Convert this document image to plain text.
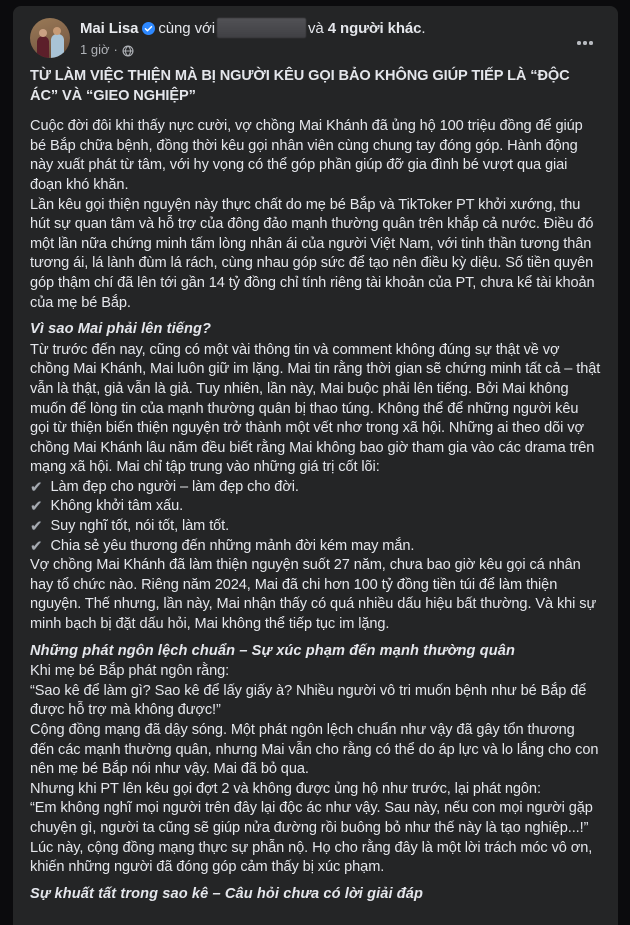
Mai Lisa cùng với	và 4 người khác.
1 giờ ·
TỪ LÀM VIỆC THIỆN MÀ BỊ NGƯỜI KÊU GỌI BẢO KHÔNG GIÚP TIẾP LÀ “ĐỘC ÁC” VÀ “GIEO NGHIỆP”
Cuộc đời đôi khi thấy nực cười, vợ chồng Mai Khánh đã ủng hộ 100 triệu đồng để giúp bé Bắp chữa bệnh, đồng thời kêu gọi nhân viên cùng chung tay đóng góp. Hành động này xuất phát từ tâm, với hy vọng có thể góp phần giúp đỡ gia đình bé vượt qua giai đoạn khó khăn.
Lần kêu gọi thiện nguyện này thực chất do mẹ bé Bắp và TikToker PT khởi xướng, thu hút sự quan tâm và hỗ trợ của đông đảo mạnh thường quân trên khắp cả nước. Điều đó một lần nữa chứng minh tấm lòng nhân ái của người Việt Nam, với tinh thần tương thân tương ái, lá lành đùm lá rách, cùng nhau góp sức để tạo nên điều kỳ diệu. Số tiền quyên góp thậm chí đã lên tới gần 14 tỷ đồng chỉ tính riêng tài khoản của PT, chưa kể tài khoản của mẹ bé Bắp.
Vì sao Mai phải lên tiếng?
Từ trước đến nay, cũng có một vài thông tin và comment không đúng sự thật về vợ chồng Mai Khánh, Mai luôn giữ im lặng. Mai tin rằng thời gian sẽ chứng minh tất cả – thật vẫn là thật, giả vẫn là giả. Tuy nhiên, lần này, Mai buộc phải lên tiếng. Bởi Mai không muốn để lòng tin của mạnh thường quân bị thao túng. Không thể để những người kêu gọi từ thiện biến thiện nguyện trở thành một vết nhơ trong xã hội. Những ai theo dõi vợ chồng Mai Khánh lâu năm đều biết rằng Mai không bao giờ tham gia vào các drama trên mạng xã hội. Mai chỉ tập trung vào những giá trị cốt lõi:
✔ Làm đẹp cho người – làm đẹp cho đời.
✔ Không khởi tâm xấu.
✔ Suy nghĩ tốt, nói tốt, làm tốt.
✔ Chia sẻ yêu thương đến những mảnh đời kém may mắn.
Vợ chồng Mai Khánh đã làm thiện nguyện suốt 27 năm, chưa bao giờ kêu gọi cá nhân hay tổ chức nào. Riêng năm 2024, Mai đã chi hơn 100 tỷ đồng tiền túi để làm thiện nguyện. Thế nhưng, lần này, Mai nhận thấy có quá nhiều dấu hiệu bất thường. Và khi sự minh bạch bị đặt dấu hỏi, Mai không thể tiếp tục im lặng.
Những phát ngôn lệch chuẩn – Sự xúc phạm đến mạnh thường quân
Khi mẹ bé Bắp phát ngôn rằng:
“Sao kê để làm gì? Sao kê để lấy giấy à? Nhiều người vô tri muốn bệnh như bé Bắp để được hỗ trợ mà không được!”
Cộng đồng mạng đã dậy sóng. Một phát ngôn lệch chuẩn như vậy đã gây tổn thương đến các mạnh thường quân, nhưng Mai vẫn cho rằng có thể do áp lực và lo lắng cho con nên mẹ bé Bắp nói như vậy. Mai đã bỏ qua.
Nhưng khi PT lên kêu gọi đợt 2 và không được ủng hộ như trước, lại phát ngôn:
“Em không nghĩ mọi người trên đây lại độc ác như vậy. Sau này, nếu con mọi người gặp chuyện gì, người ta cũng sẽ giúp nửa đường rồi buông bỏ như thế này là tạo nghiệp...!”
Lúc này, cộng đồng mạng thực sự phẫn nộ. Họ cho rằng đây là một lời trách móc vô ơn, khiến những người đã đóng góp cảm thấy bị xúc phạm.
Sự khuất tất trong sao kê – Câu hỏi chưa có lời giải đáp
